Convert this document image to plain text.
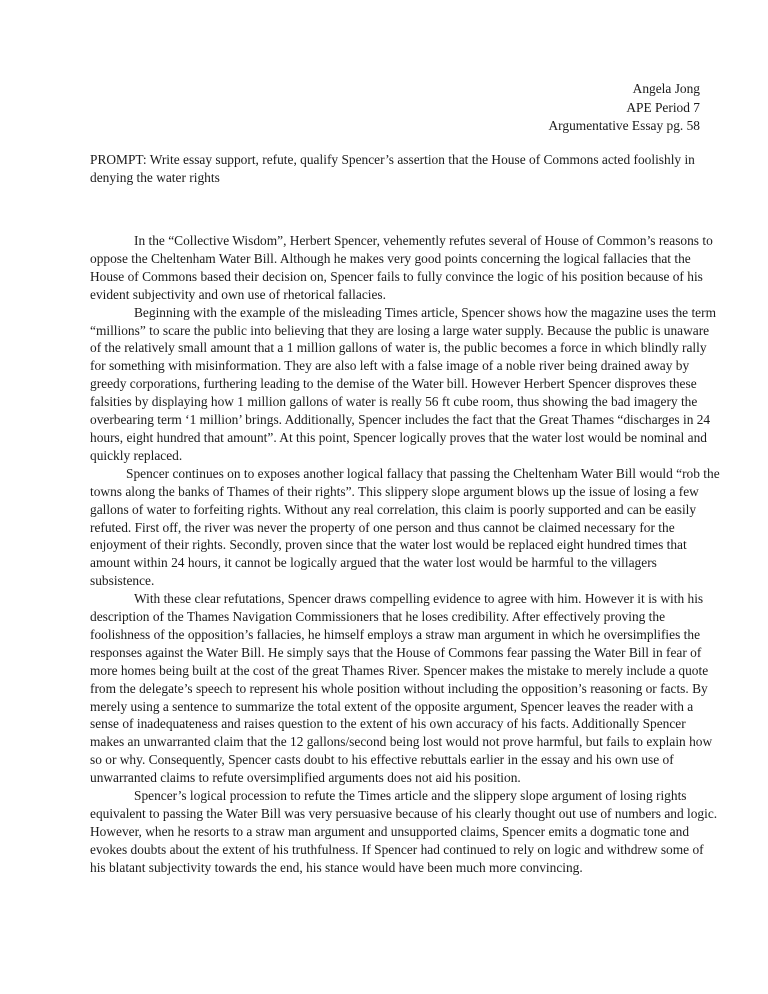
Angela Jong
APE Period 7
Argumentative Essay pg. 58
PROMPT: Write essay support, refute, qualify Spencer’s assertion that the House of Commons acted foolishly in denying the water rights

In the “Collective Wisdom”, Herbert Spencer, vehemently refutes several of House of Common’s reasons to oppose the Cheltenham Water Bill. Although he makes very good points concerning the logical fallacies that the House of Commons based their decision on, Spencer fails to fully convince the logic of his position because of his evident subjectivity and own use of rhetorical fallacies.

Beginning with the example of the misleading Times article, Spencer shows how the magazine uses the term “millions” to scare the public into believing that they are losing a large water supply. Because the public is unaware of the relatively small amount that a 1 million gallons of water is, the public becomes a force in which blindly rally for something with misinformation. They are also left with a false image of a noble river being drained away by greedy corporations, furthering leading to the demise of the Water bill. However Herbert Spencer disproves these falsities by displaying how 1 million gallons of water is really 56 ft cube room, thus showing the bad imagery the overbearing term ‘1 million’ brings. Additionally, Spencer includes the fact that the Great Thames “discharges in 24 hours, eight hundred that amount”. At this point, Spencer logically proves that the water lost would be nominal and quickly replaced.

Spencer continues on to exposes another logical fallacy that passing the Cheltenham Water Bill would “rob the towns along the banks of Thames of their rights”. This slippery slope argument blows up the issue of losing a few gallons of water to forfeiting rights. Without any real correlation, this claim is poorly supported and can be easily refuted. First off, the river was never the property of one person and thus cannot be claimed necessary for the enjoyment of their rights. Secondly, proven since that the water lost would be replaced eight hundred times that amount within 24 hours, it cannot be logically argued that the water lost would be harmful to the villagers subsistence.

With these clear refutations, Spencer draws compelling evidence to agree with him. However it is with his description of the Thames Navigation Commissioners that he loses credibility. After effectively proving the foolishness of the opposition’s fallacies, he himself employs a straw man argument in which he oversimplifies the responses against the Water Bill. He simply says that the House of Commons fear passing the Water Bill in fear of more homes being built at the cost of the great Thames River. Spencer makes the mistake to merely include a quote from the delegate’s speech to represent his whole position without including the opposition’s reasoning or facts. By merely using a sentence to summarize the total extent of the opposite argument, Spencer leaves the reader with a sense of inadequateness and raises question to the extent of his own accuracy of his facts. Additionally Spencer makes an unwarranted claim that the 12 gallons/second being lost would not prove harmful, but fails to explain how so or why. Consequently, Spencer casts doubt to his effective rebuttals earlier in the essay and his own use of unwarranted claims to refute oversimplified arguments does not aid his position.

Spencer’s logical procession to refute the Times article and the slippery slope argument of losing rights equivalent to passing the Water Bill was very persuasive because of his clearly thought out use of numbers and logic. However, when he resorts to a straw man argument and unsupported claims, Spencer emits a dogmatic tone and evokes doubts about the extent of his truthfulness. If Spencer had continued to rely on logic and withdrew some of his blatant subjectivity towards the end, his stance would have been much more convincing.
